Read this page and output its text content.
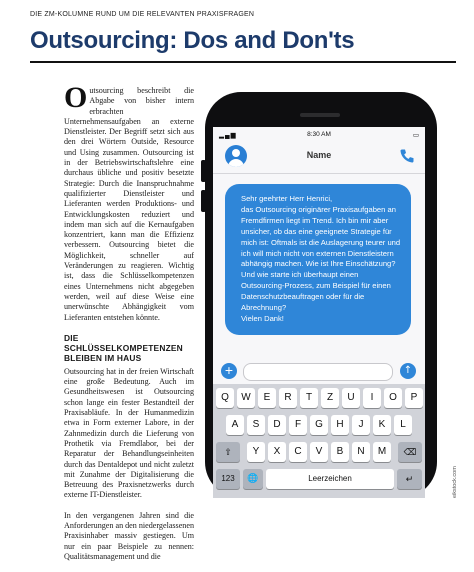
DIE ZM-KOLUMNE RUND UM DIE RELEVANTEN PRAXISFRAGEN
Outsourcing: Dos and Don'ts

Outsourcing beschreibt die Abgabe von bisher intern erbrachten Unternehmensaufgaben an externe Dienstleister. Der Begriff setzt sich aus den drei Wörtern Outside, Resource und Using zusammen. Outsourcing ist in der Betriebswirtschaftslehre eine durchaus übliche und positiv besetzte Strategie: Durch die Inanspruchnahme qualifizierter Dienstleister und Lieferanten werden Produktions- und Entwicklungskosten reduziert und indem man sich auf die Kernaufgaben konzentriert, kann man die Effizienz verbessern. Outsourcing bietet die Möglichkeit, schneller auf Veränderungen zu reagieren. Wichtig ist, dass die Schlüsselkompetenzen eines Unternehmens nicht abgegeben werden, weil auf diese Weise eine unerwünschte Abhängigkeit vom Lieferanten entstehen könnte.

DIE SCHLÜSSELKOMPETENZEN BLEIBEN IM HAUS

Outsourcing hat in der freien Wirtschaft eine große Bedeutung. Auch im Gesundheitswesen ist Outsourcing schon lange ein fester Bestandteil der Praxisabläufe. In der Humanmedizin etwa in Form externer Labore, in der Zahnmedizin durch die Lieferung von Prothetik via Fremdlabor, bei der Reparatur der Behandlungseinheiten durch das Dentaldepot und nicht zuletzt mit Zunahme der Digitalisierung die Betreuung des Praxisnetzwerks durch externe IT-Dienstleister.

In den vergangenen Jahren sind die Anforderungen an den niedergelassenen Praxisinhaber massiv gestiegen. Um nur ein paar Beispiele zu nennen: Qualitätsmanagement und die

▂▄▆	8:30 AM	▭
Name

Sehr geehrter Herr Henrici,

das Outsourcing originärer Praxisaufgaben an Fremdfirmen liegt im Trend. Ich bin mir aber unsicher, ob das eine geeignete Strategie für mich ist: Oftmals ist die Auslagerung teurer und ich will mich nicht von externen Dienstleistern abhängig machen. Wie ist Ihre Einschätzung? Und wie starte ich überhaupt einen Outsourcing-Prozess, zum Beispiel für einen Datenschutzbeauftragen oder für die Abrechnung?

Vielen Dank!

+	↑
Q	W	E	R	T	Z	U	I	O	P
A	S	D	F	G	H	J	K	L
⇧	Y	X	C	V	B	N	M	⌫
123	🌐	Leerzeichen	↵	eikstock.com
